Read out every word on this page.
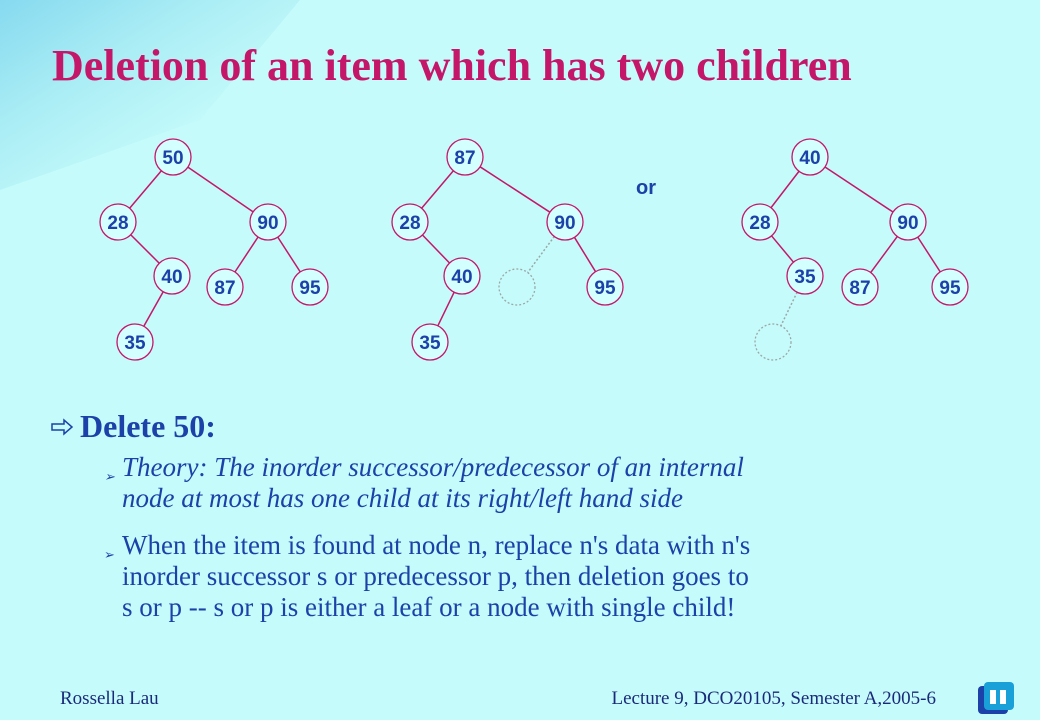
Deletion of an item which has two children
50
28	90
40
87	95
35
87
28	90
40
95
35
40
28	90
35
87	95
or
Delete 50:
➢ Theory: The inorder successor/predecessor of an internal
node at most has one child at its right/left hand side
➢ When the item is found at node n, replace n's data with n's
inorder successor s or predecessor p, then deletion goes to
s or p -- s or p is either a leaf or a node with single child!
Rossella Lau	Lecture 9, DCO20105, Semester A,2005-6
